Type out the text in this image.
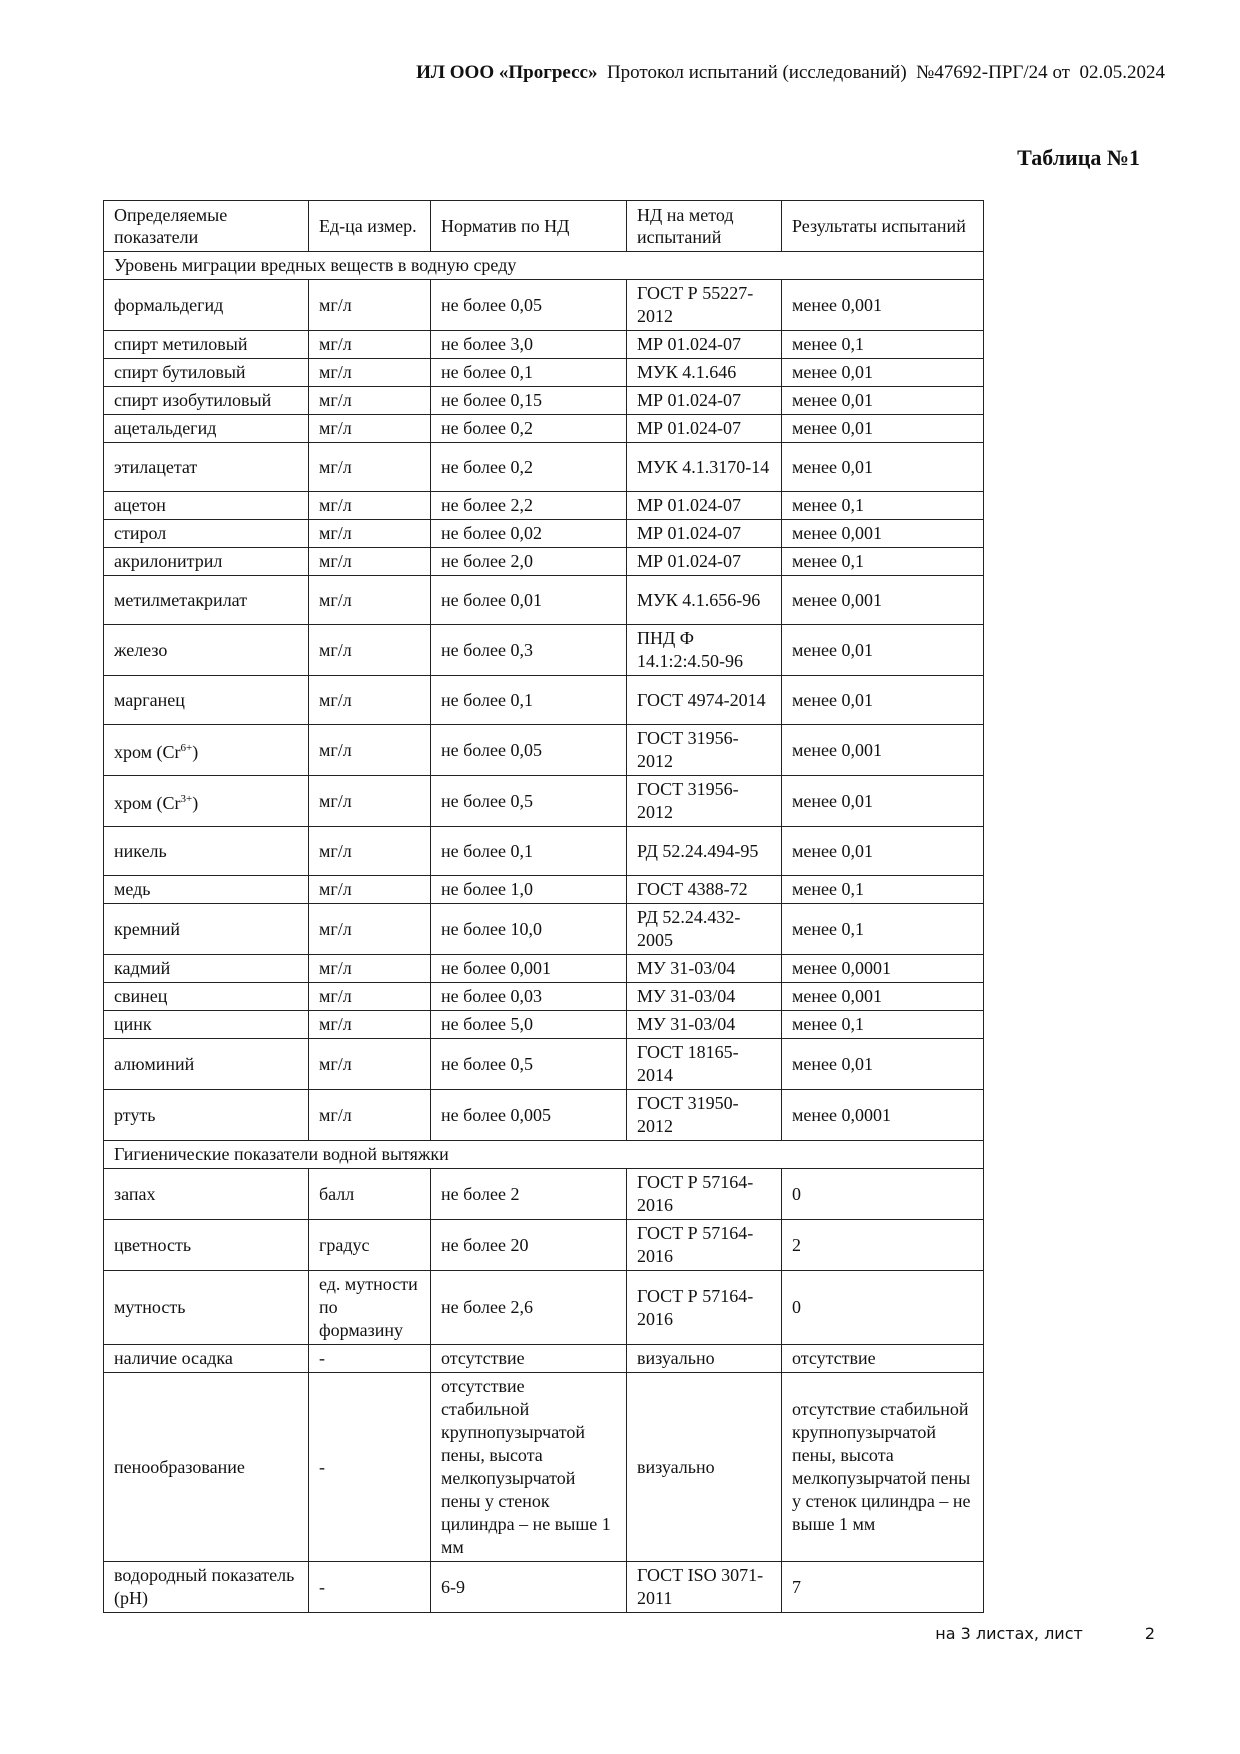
ИЛ ООО «Прогресс» Протокол испытаний (исследований) №47692-ПРГ/24 от 02.05.2024
Таблица №1
Определяемые показатели	Ед-ца измер.	Норматив по НД	НД на метод испытаний	Результаты испытаний
Уровень миграции вредных веществ в водную среду				
формальдегид	мг/л	не более 0,05	ГОСТ Р 55227-2012	менее 0,001
спирт метиловый	мг/л	не более 3,0	МР 01.024-07	менее 0,1
спирт бутиловый	мг/л	не более 0,1	МУК 4.1.646	менее 0,01
спирт изобутиловый	мг/л	не более 0,15	МР 01.024-07	менее 0,01
ацетальдегид	мг/л	не более 0,2	МР 01.024-07	менее 0,01
этилацетат	мг/л	не более 0,2	МУК 4.1.3170-14	менее 0,01
ацетон	мг/л	не более 2,2	МР 01.024-07	менее 0,1
стирол	мг/л	не более 0,02	МР 01.024-07	менее 0,001
акрилонитрил	мг/л	не более 2,0	МР 01.024-07	менее 0,1
метилметакрилат	мг/л	не более 0,01	МУК 4.1.656-96	менее 0,001
железо	мг/л	не более 0,3	ПНД Ф 14.1:2:4.50-96	менее 0,01
марганец	мг/л	не более 0,1	ГОСТ 4974-2014	менее 0,01
хром $(Cr^{6+})$	мг/л	не более 0,05	ГОСТ 31956-2012	менее 0,001
хром $(Cr^{3+})$	мг/л	не более 0,5	ГОСТ 31956-2012	менее 0,01
никель	мг/л	не более 0,1	РД 52.24.494-95	менее 0,01
медь	мг/л	не более 1,0	ГОСТ 4388-72	менее 0,1
кремний	мг/л	не более 10,0	РД 52.24.432-2005	менее 0,1
кадмий	мг/л	не более 0,001	МУ 31-03/04	менее 0,0001
свинец	мг/л	не более 0,03	МУ 31-03/04	менее 0,001
цинк	мг/л	не более 5,0	МУ 31-03/04	менее 0,1
алюминий	мг/л	не более 0,5	ГОСТ 18165-2014	менее 0,01
ртуть	мг/л	не более 0,005	ГОСТ 31950-2012	менее 0,0001
Гигиенические показатели водной вытяжки				
запах	балл	не более 2	ГОСТ Р 57164-2016	0
цветность	градус	не более 20	ГОСТ Р 57164-2016	2
мутность	ед. мутности по формазину	не более 2,6	ГОСТ Р 57164-2016	0
наличие осадка	-	отсутствие	визуально	отсутствие
пенообразование	-	отсутствие стабильной крупнопузырчатой пены, высота мелкопузырчатой пены у стенок цилиндра – не выше 1 мм	визуально	отсутствие стабильной крупнопузырчатой пены, высота мелкопузырчатой пены у стенок цилиндра – не выше 1 мм
водородный показатель (pH)	-	6-9	ГОСТ ISO 3071-2011	7
на 3 листах, лист	2
